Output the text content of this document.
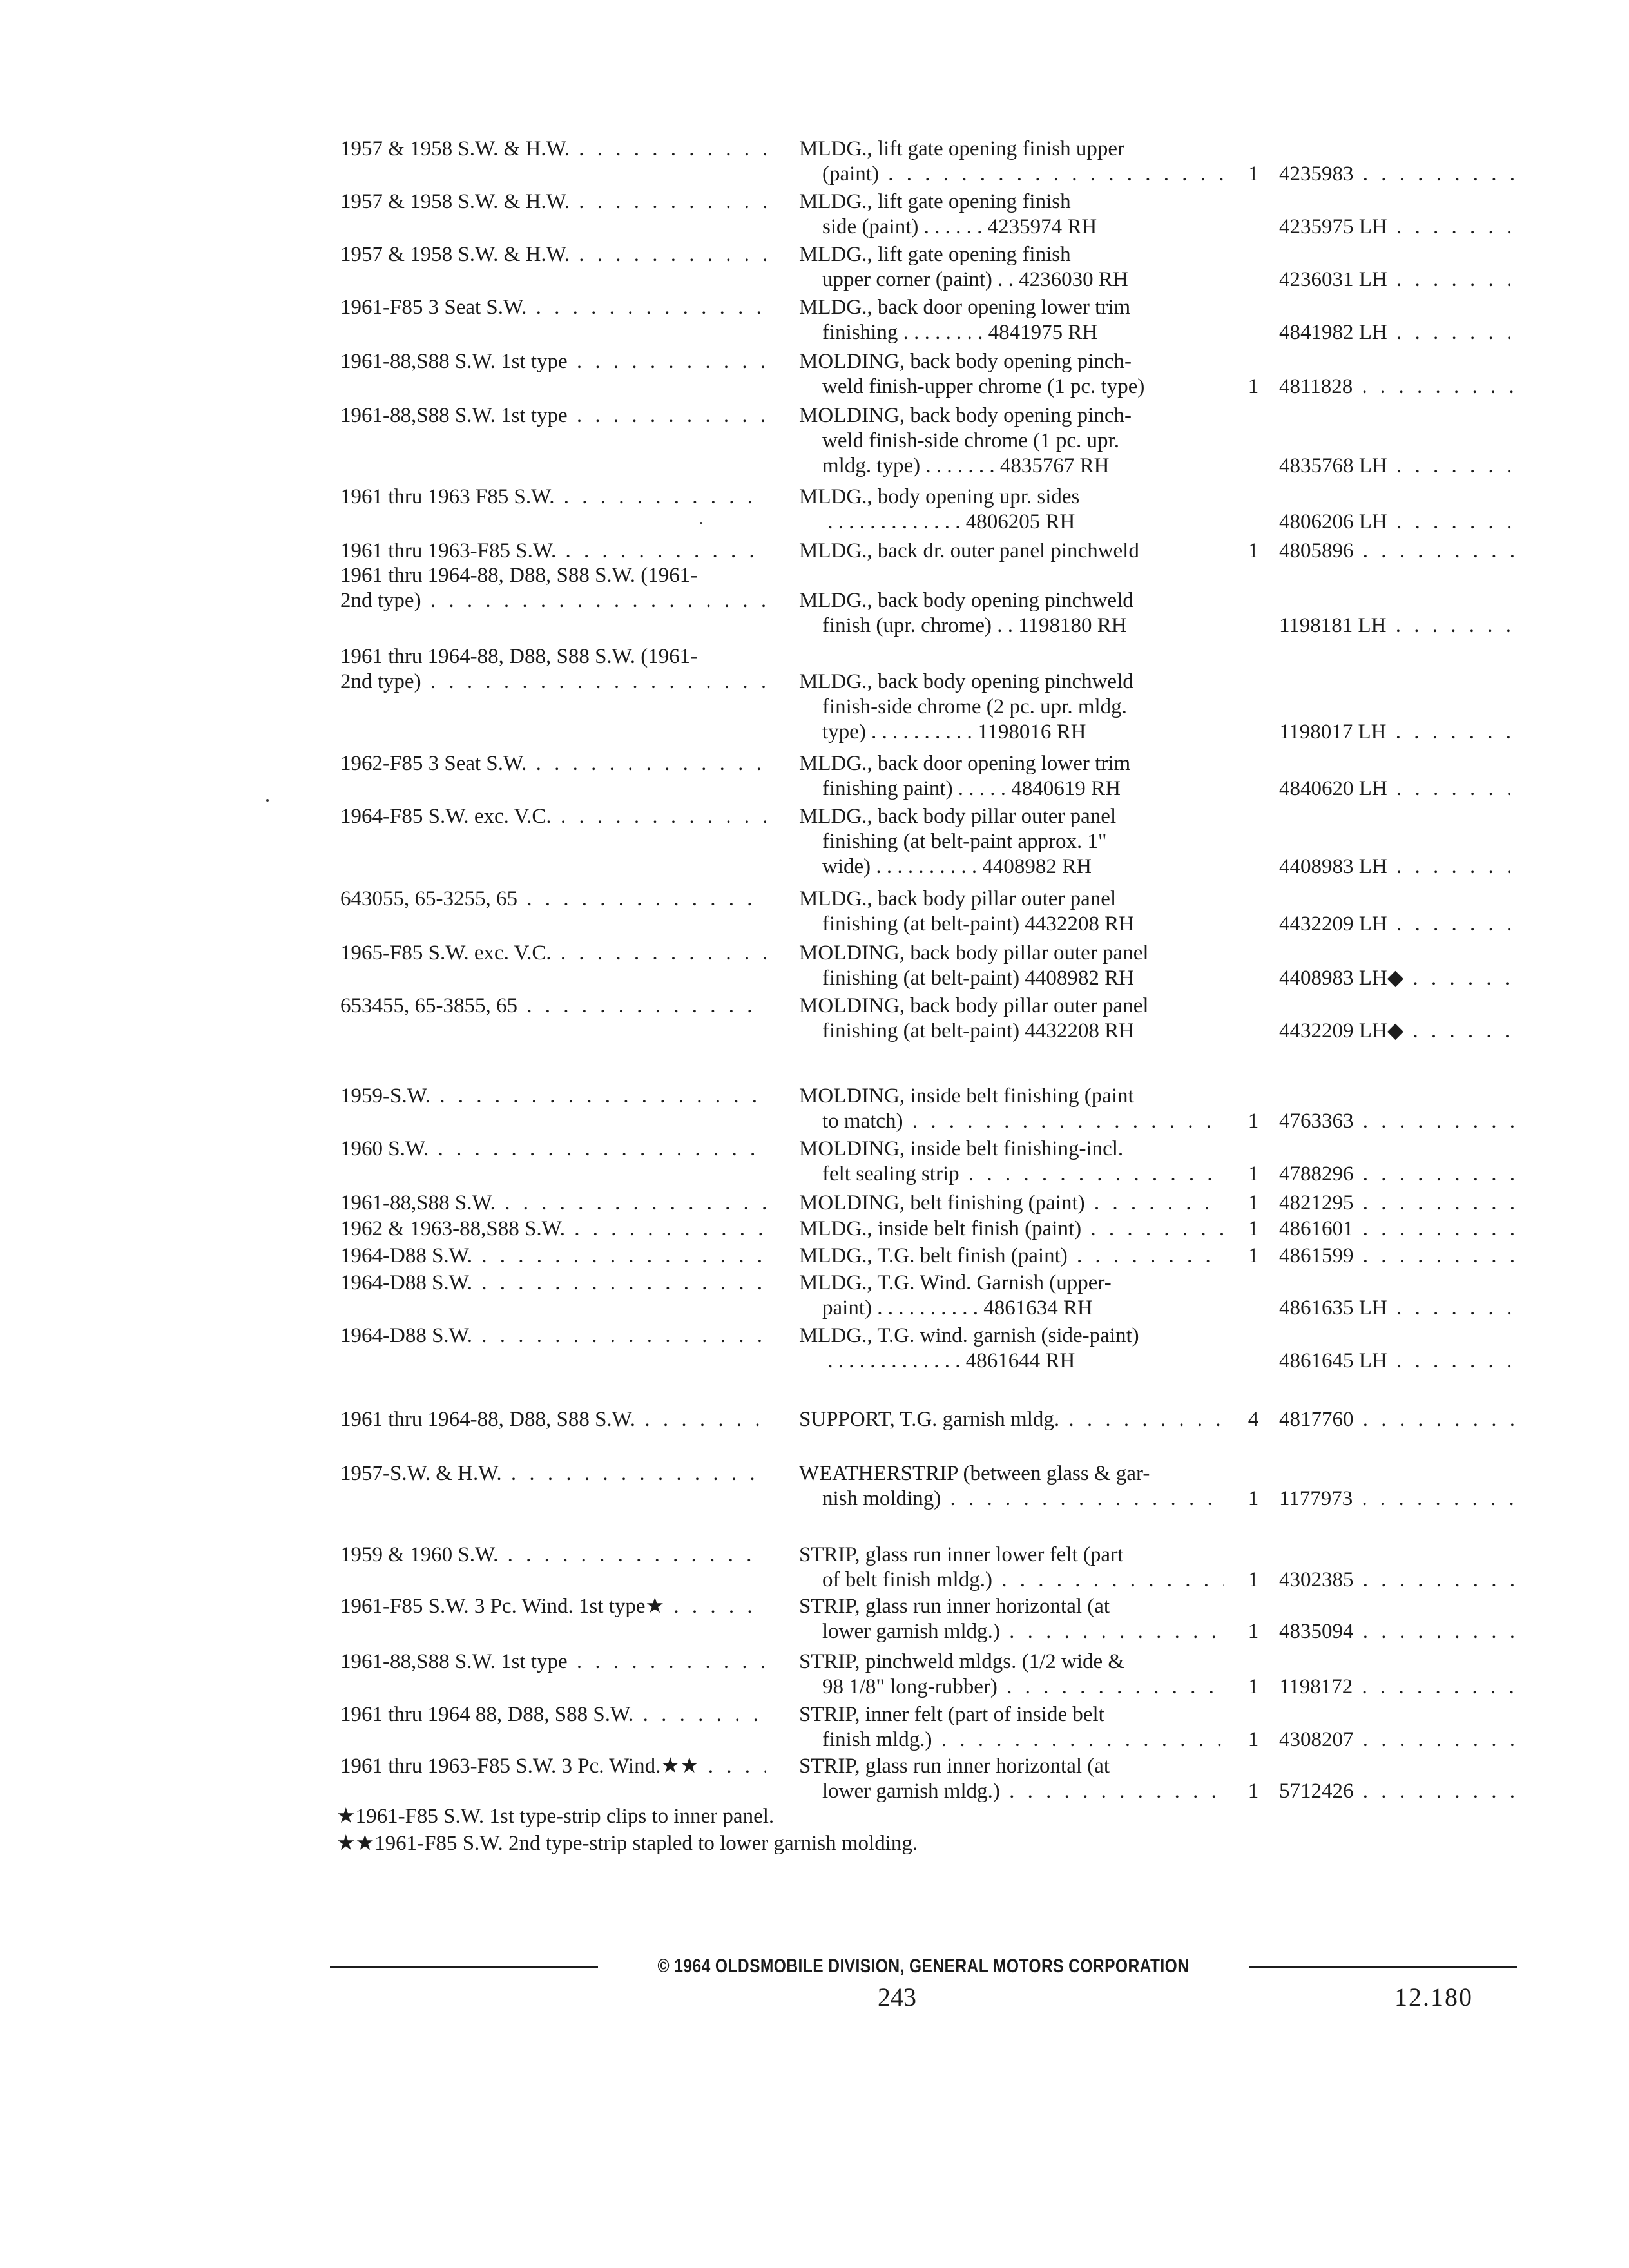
1957 & 1958 S.W. & H.W. . . .	MLDG., lift gate opening finish upper
(paint) . . .	1 4235983
. . .
1957 & 1958 S.W. & H.W. . . .	MLDG., lift gate opening finish
side (paint) . . . . . . 4235974 RH	4235975 LH
. . .
1957 & 1958 S.W. & H.W. . . .	MLDG., lift gate opening finish
upper corner (paint) . . 4236030 RH	4236031 LH
. . .
1961-F85 3 Seat S.W. . . .	MLDG., back door opening lower trim
finishing . . . . . . . . 4841975 RH	4841982 LH
. . .
1961-88,S88 S.W. 1st type . . .	MOLDING, back body opening pinch-
weld finish-upper chrome (1 pc. type)	1 4811828
. . .
1961-88,S88 S.W. 1st type . . .	MOLDING, back body opening pinch-
weld finish-side chrome (1 pc. upr.
mldg. type) . . . . . . . 4835767 RH	4835768 LH
. . .
1961 thru 1963 F85 S.W. . . .	MLDG., body opening upr. sides
. . . . . . . . . . . . . 4806205 RH	4806206 LH
. . .
1961 thru 1963-F85 S.W. . . .	MLDG., back dr. outer panel pinchweld	1 4805896
. . .
1961 thru 1964-88, D88, S88 S.W. (1961-
2nd type) . . .	MLDG., back body opening pinchweld
finish (upr. chrome) . . 1198180 RH	1198181 LH
. . .
1961 thru 1964-88, D88, S88 S.W. (1961-
2nd type) . . .	MLDG., back body opening pinchweld
finish-side chrome (2 pc. upr. mldg.
type) . . . . . . . . . . 1198016 RH	1198017 LH
. . .
1962-F85 3 Seat S.W. . . .	MLDG., back door opening lower trim
finishing paint) . . . . . 4840619 RH	4840620 LH
. . .
1964-F85 S.W. exc. V.C. . . .	MLDG., back body pillar outer panel
finishing (at belt-paint approx. 1"
wide) . . . . . . . . . . 4408982 RH	4408983 LH
. . .
643055, 65-3255, 65 . . .	MLDG., back body pillar outer panel
finishing (at belt-paint) 4432208 RH	4432209 LH
. . .
1965-F85 S.W. exc. V.C. . . .	MOLDING, back body pillar outer panel
finishing (at belt-paint) 4408982 RH	4408983 LH◆
. . .
653455, 65-3855, 65 . . .	MOLDING, back body pillar outer panel
finishing (at belt-paint) 4432208 RH	4432209 LH◆
. . .
1959-S.W. . . .	MOLDING, inside belt finishing (paint
to match) . . .	1 4763363
. . .
1960 S.W. . . .	MOLDING, inside belt finishing-incl.
felt sealing strip . . .	1 4788296
. . .
1961-88,S88 S.W. . . .	MOLDING, belt finishing (paint) . . .	1 4821295
. . .
1962 & 1963-88,S88 S.W. . . .	MLDG., inside belt finish (paint) . . .	1 4861601
. . .
1964-D88 S.W. . . .	MLDG., T.G. belt finish (paint) . . .	1 4861599
. . .
1964-D88 S.W. . . .	MLDG., T.G. Wind. Garnish (upper-
paint) . . . . . . . . . . 4861634 RH	4861635 LH
. . .
1964-D88 S.W. . . .	MLDG., T.G. wind. garnish (side-paint)
. . . . . . . . . . . . . 4861644 RH	4861645 LH
. . .
1961 thru 1964-88, D88, S88 S.W. . . .	SUPPORT, T.G. garnish mldg. . . .	4 4817760
. . .
1957-S.W. & H.W. . . .	WEATHERSTRIP (between glass & gar-
nish molding) . . .	1 1177973
. . .
1959 & 1960 S.W. . . .	STRIP, glass run inner lower felt (part
of belt finish mldg.) . . .	1 4302385
. . .
1961-F85 S.W. 3 Pc. Wind. 1st type★ . . .	STRIP, glass run inner horizontal (at
lower garnish mldg.) . . .	1 4835094
. . .
1961-88,S88 S.W. 1st type . . .	STRIP, pinchweld mldgs. (1/2 wide &
98 1/8" long-rubber) . . .	1 1198172
. . .
1961 thru 1964 88, D88, S88 S.W. . . .	STRIP, inner felt (part of inside belt
finish mldg.) . . .	1 4308207
. . .
1961 thru 1963-F85 S.W. 3 Pc. Wind.★★ . . .	STRIP, glass run inner horizontal (at
lower garnish mldg.) . . .	1 5712426
. . .
★1961-F85 S.W. 1st type-strip clips to inner panel.
★★1961-F85 S.W. 2nd type-strip stapled to lower garnish molding.
© 1964 OLDSMOBILE DIVISION, GENERAL MOTORS CORPORATION
243	12.180
